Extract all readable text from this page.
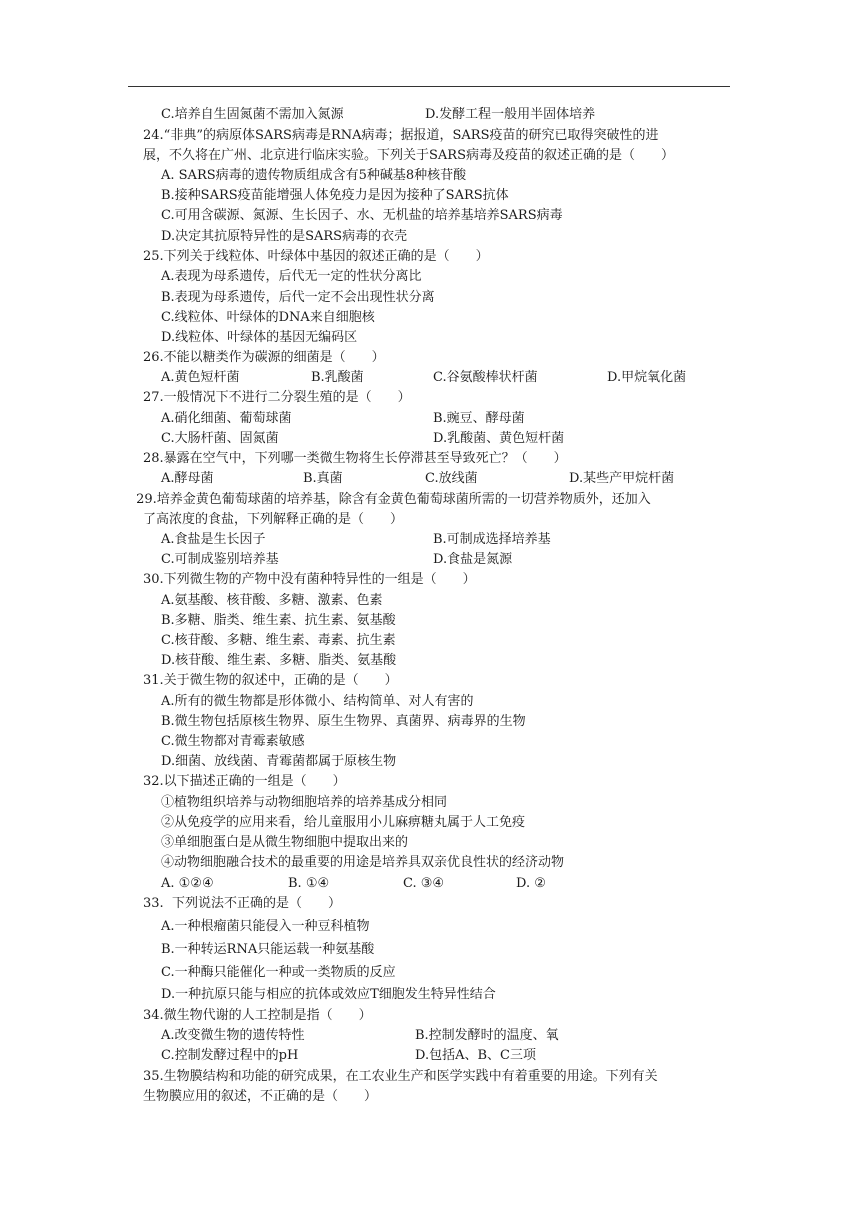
C.培养自生固氮菌不需加入氮源	D.发酵工程一般用半固体培养
24.“非典”的病原体SARS病毒是RNA病毒；据报道，SARS疫苗的研究已取得突破性的进
展，不久将在广州、北京进行临床实验。下列关于SARS病毒及疫苗的叙述正确的是（　　）
A. SARS病毒的遗传物质组成含有5种碱基8种核苷酸
B.接种SARS疫苗能增强人体免疫力是因为接种了SARS抗体
C.可用含碳源、氮源、生长因子、水、无机盐的培养基培养SARS病毒
D.决定其抗原特异性的是SARS病毒的衣壳
25.下列关于线粒体、叶绿体中基因的叙述正确的是（　　）
A.表现为母系遗传，后代无一定的性状分离比
B.表现为母系遗传，后代一定不会出现性状分离
C.线粒体、叶绿体的DNA来自细胞核
D.线粒体、叶绿体的基因无编码区
26.不能以糖类作为碳源的细菌是（　　）
A.黄色短杆菌	B.乳酸菌	C.谷氨酸棒状杆菌	D.甲烷氧化菌
27.一般情况下不进行二分裂生殖的是（　　）
A.硝化细菌、葡萄球菌	B.豌豆、酵母菌
C.大肠杆菌、固氮菌	D.乳酸菌、黄色短杆菌
28.暴露在空气中，下列哪一类微生物将生长停滞甚至导致死亡？（　　）
A.酵母菌	B.真菌	C.放线菌	D.某些产甲烷杆菌
29.培养金黄色葡萄球菌的培养基，除含有金黄色葡萄球菌所需的一切营养物质外，还加入
了高浓度的食盐，下列解释正确的是（　　）
A.食盐是生长因子	B.可制成选择培养基
C.可制成鉴别培养基	D.食盐是氮源
30.下列微生物的产物中没有菌种特异性的一组是（　　）
A.氨基酸、核苷酸、多糖、激素、色素
B.多糖、脂类、维生素、抗生素、氨基酸
C.核苷酸、多糖、维生素、毒素、抗生素
D.核苷酸、维生素、多糖、脂类、氨基酸
31.关于微生物的叙述中，正确的是（　　）
A.所有的微生物都是形体微小、结构简单、对人有害的
B.微生物包括原核生物界、原生生物界、真菌界、病毒界的生物
C.微生物都对青霉素敏感
D.细菌、放线菌、青霉菌都属于原核生物
32.以下描述正确的一组是（　　）
①植物组织培养与动物细胞培养的培养基成分相同
②从免疫学的应用来看，给儿童服用小儿麻痹糖丸属于人工免疫
③单细胞蛋白是从微生物细胞中提取出来的
④动物细胞融合技术的最重要的用途是培养具双亲优良性状的经济动物
A. ①②④	B. ①④	C. ③④	D. ②
33.  下列说法不正确的是（　　）
A.一种根瘤菌只能侵入一种豆科植物
B.一种转运RNA只能运载一种氨基酸
C.一种酶只能催化一种或一类物质的反应
D.一种抗原只能与相应的抗体或效应T细胞发生特异性结合
34.微生物代谢的人工控制是指（　　）
A.改变微生物的遗传特性	B.控制发酵时的温度、氧
C.控制发酵过程中的pH	D.包括A、B、C三项
35.生物膜结构和功能的研究成果，在工农业生产和医学实践中有着重要的用途。下列有关
生物膜应用的叙述，不正确的是（　　）
